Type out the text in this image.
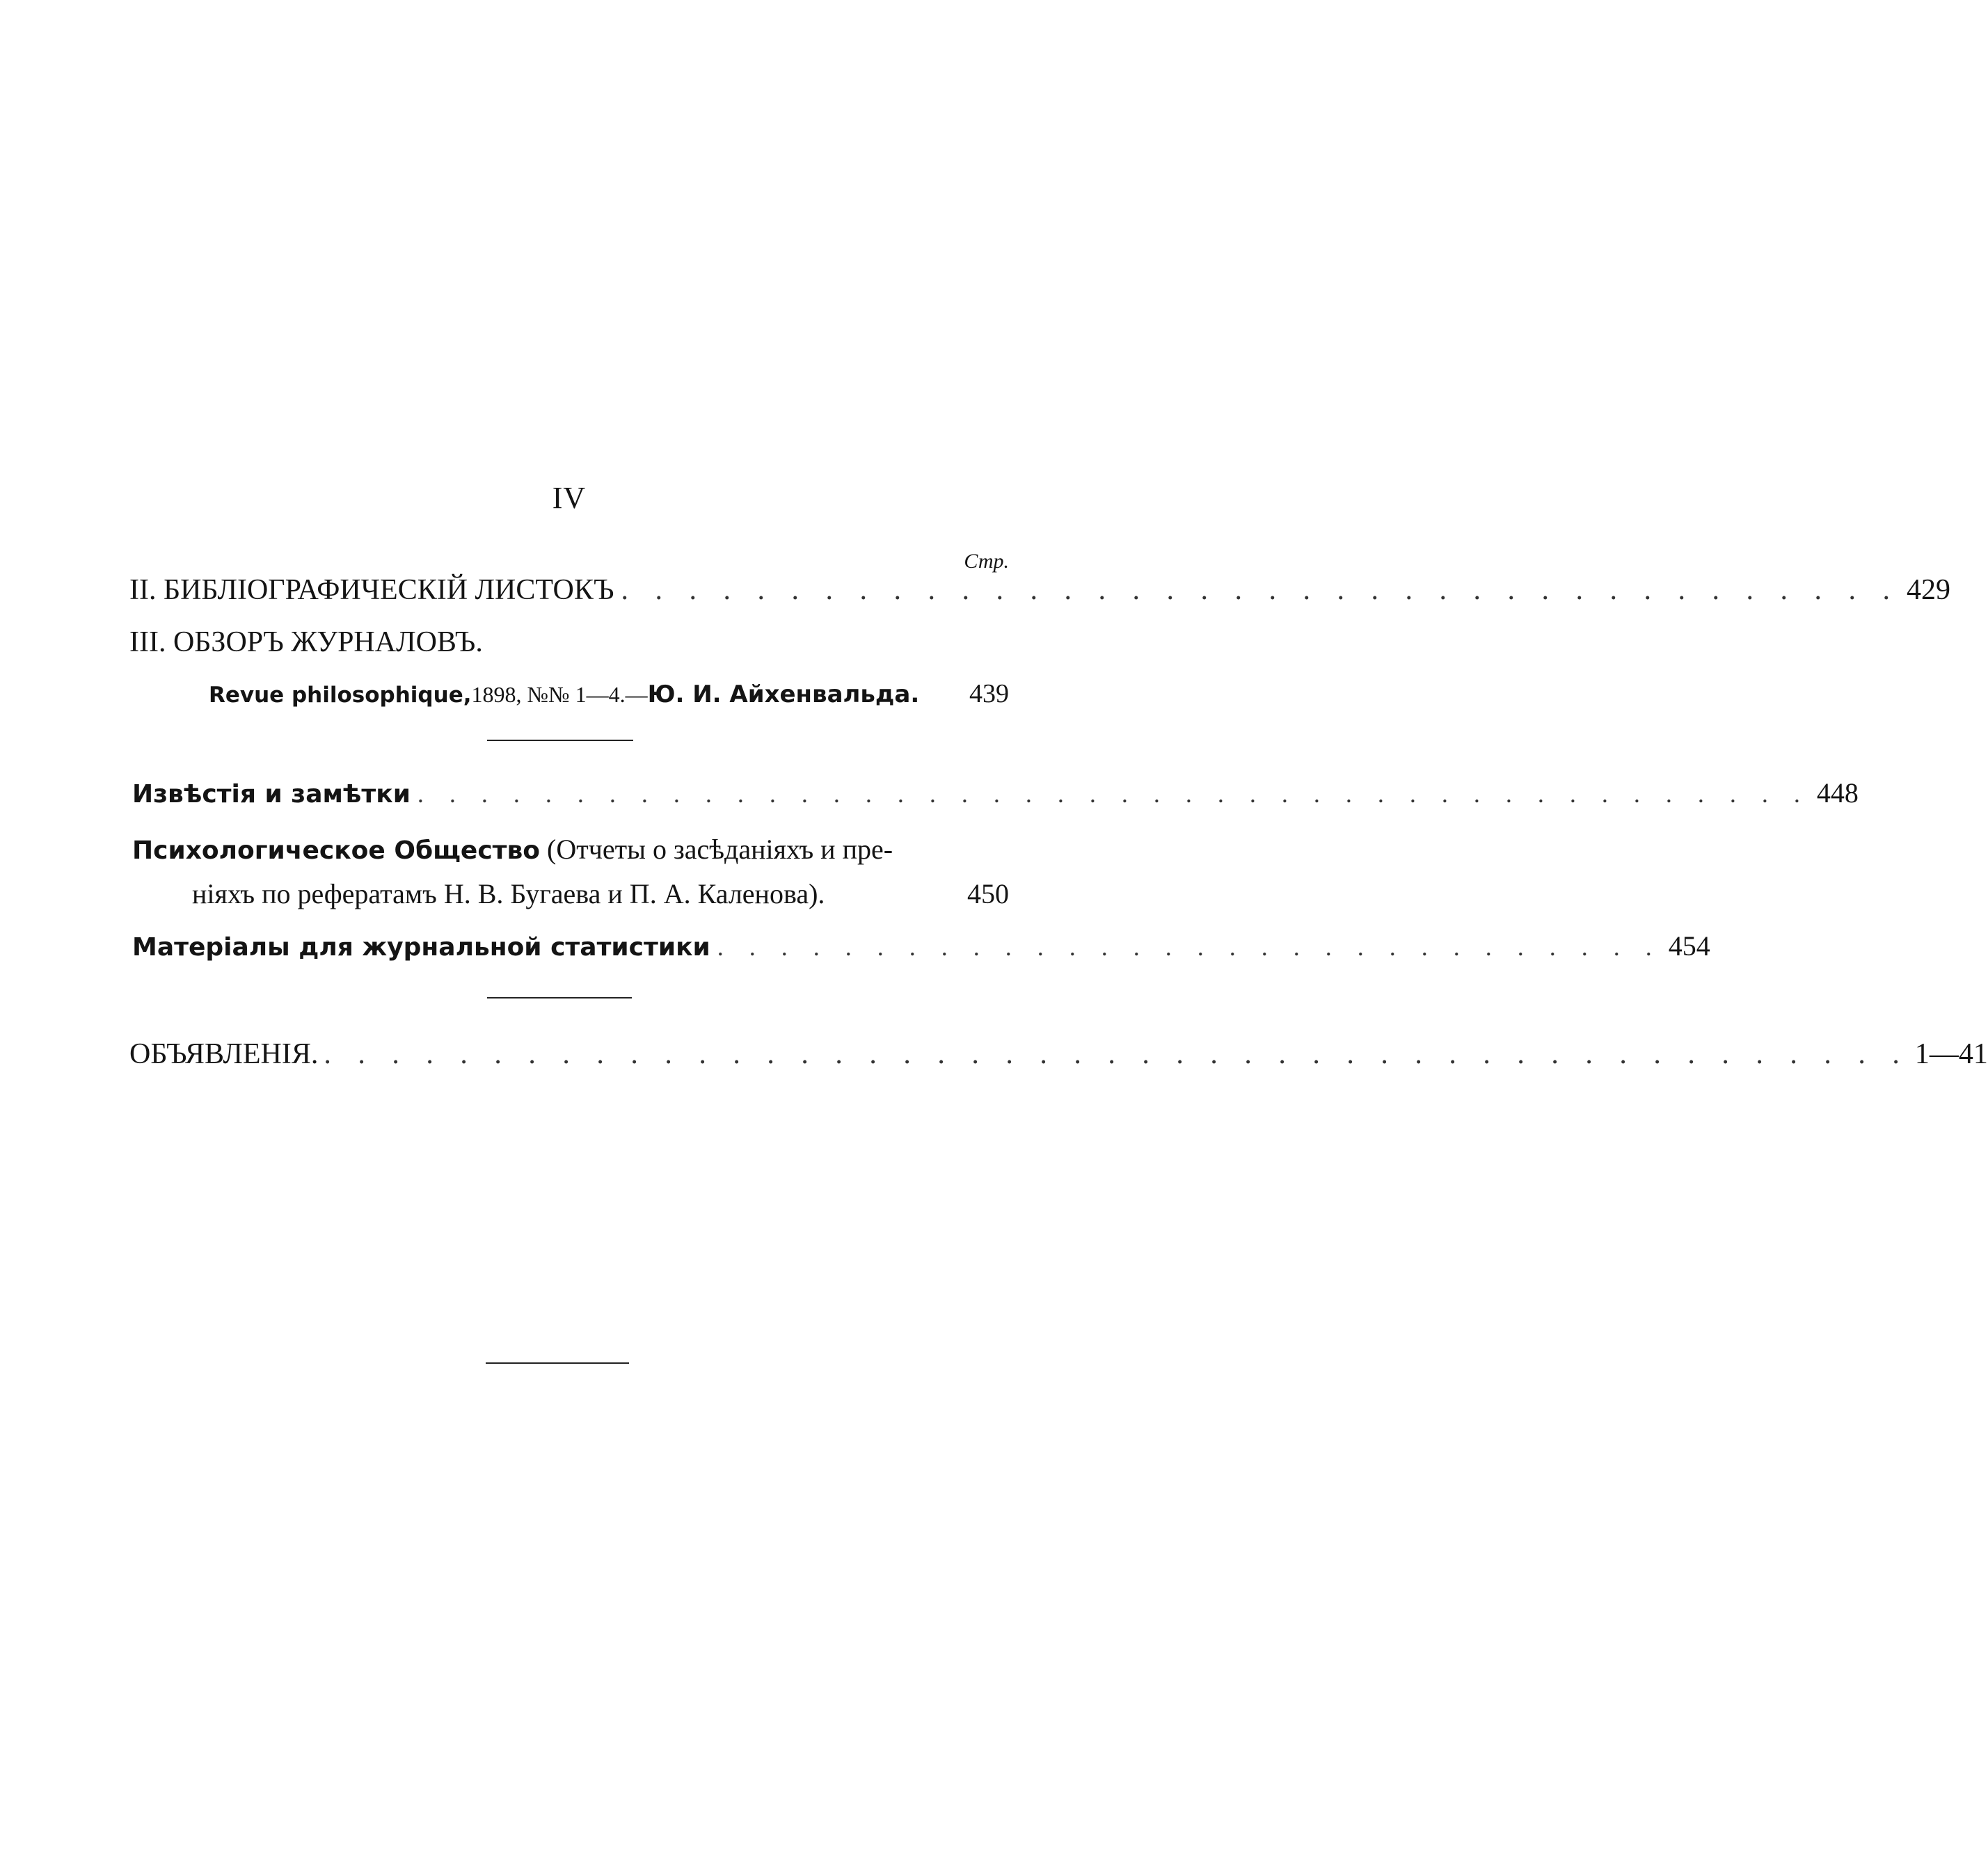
IV
Стр.
II. БИБЛІОГРАФИЧЕСКІЙ ЛИСТОКЪ . . . . . . . . . . . . . . . . . . . . . . . . . . . . . . . . . . . . . . 429
III. ОБЗОРЪ ЖУРНАЛОВЪ.
Revue philosophique, 1898, №№ 1—4.— Ю. И. Айхенвальда. 439
Извѣстія и замѣтки . . . . . . . . . . . . . . . . . . . . . . . . . . . . . . . . . . . . . . . . . . . . 448
Психологическое Общество (Отчеты о засѣданіяхъ и пре-
ніяхъ по рефератамъ Н. В. Бугаева и П. А. Каленова).	450
Матеріалы для журнальной статистики . . . . . . . . . . . . . . . . . . . . . . . . . . . . . . 454
ОБЪЯВЛЕНІЯ. . . . . . . . . . . . . . . . . . . . . . . . . . . . . . . . . . . . . . . . . . . . . . . . 1—41
